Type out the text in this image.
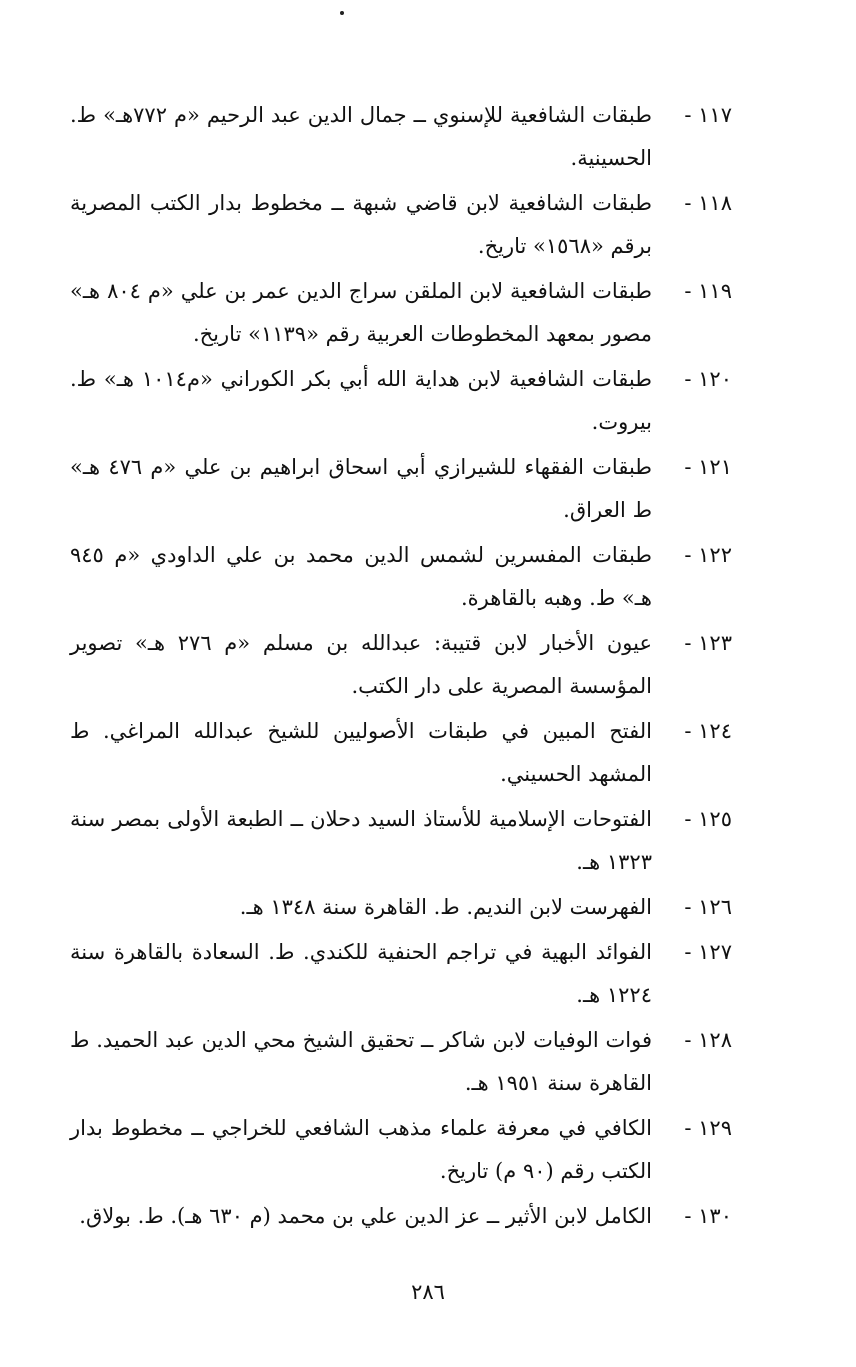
١١٧ -
طبقات الشافعية للإسنوي ــ جمال الدين عبد الرحيم «م ٧٧٢هـ» ط. الحسينية.
١١٨ -
طبقات الشافعية لابن قاضي شبهة ــ مخطوط بدار الكتب المصرية برقم «١٥٦٨» تاريخ.
١١٩ -
طبقات الشافعية لابن الملقن سراج الدين عمر بن علي «م ٨٠٤ هـ» مصور بمعهد المخطوطات العربية رقم «١١٣٩» تاريخ.
١٢٠ -
طبقات الشافعية لابن هداية الله أبي بكر الكوراني «م١٠١٤ هـ» ط. بيروت.
١٢١ -
طبقات الفقهاء للشيرازي أبي اسحاق ابراهيم بن علي «م ٤٧٦ هـ» ط العراق.
١٢٢ -
طبقات المفسرين لشمس الدين محمد بن علي الداودي «م ٩٤٥ هـ» ط. وهبه بالقاهرة.
١٢٣ -
عيون الأخبار لابن قتيبة: عبدالله بن مسلم «م ٢٧٦ هـ» تصوير المؤسسة المصرية على دار الكتب.
١٢٤ -
الفتح المبين في طبقات الأصوليين للشيخ عبدالله المراغي. ط المشهد الحسيني.
١٢٥ -
الفتوحات الإسلامية للأستاذ السيد دحلان ــ الطبعة الأولى بمصر سنة ١٣٢٣ هـ.
١٢٦ -
الفهرست لابن النديم. ط. القاهرة سنة ١٣٤٨ هـ.
١٢٧ -
الفوائد البهية في تراجم الحنفية للكندي. ط. السعادة بالقاهرة سنة ١٢٢٤ هـ.
١٢٨ -
فوات الوفيات لابن شاكر ــ تحقيق الشيخ محي الدين عبد الحميد. ط القاهرة سنة ١٩٥١ هـ.
١٢٩ -
الكافي في معرفة علماء مذهب الشافعي للخراجي ــ مخطوط بدار الكتب رقم (٩٠ م) تاريخ.
١٣٠ -
الكامل لابن الأثير ــ عز الدين علي بن محمد (م ٦٣٠ هـ). ط. بولاق.
٢٨٦
